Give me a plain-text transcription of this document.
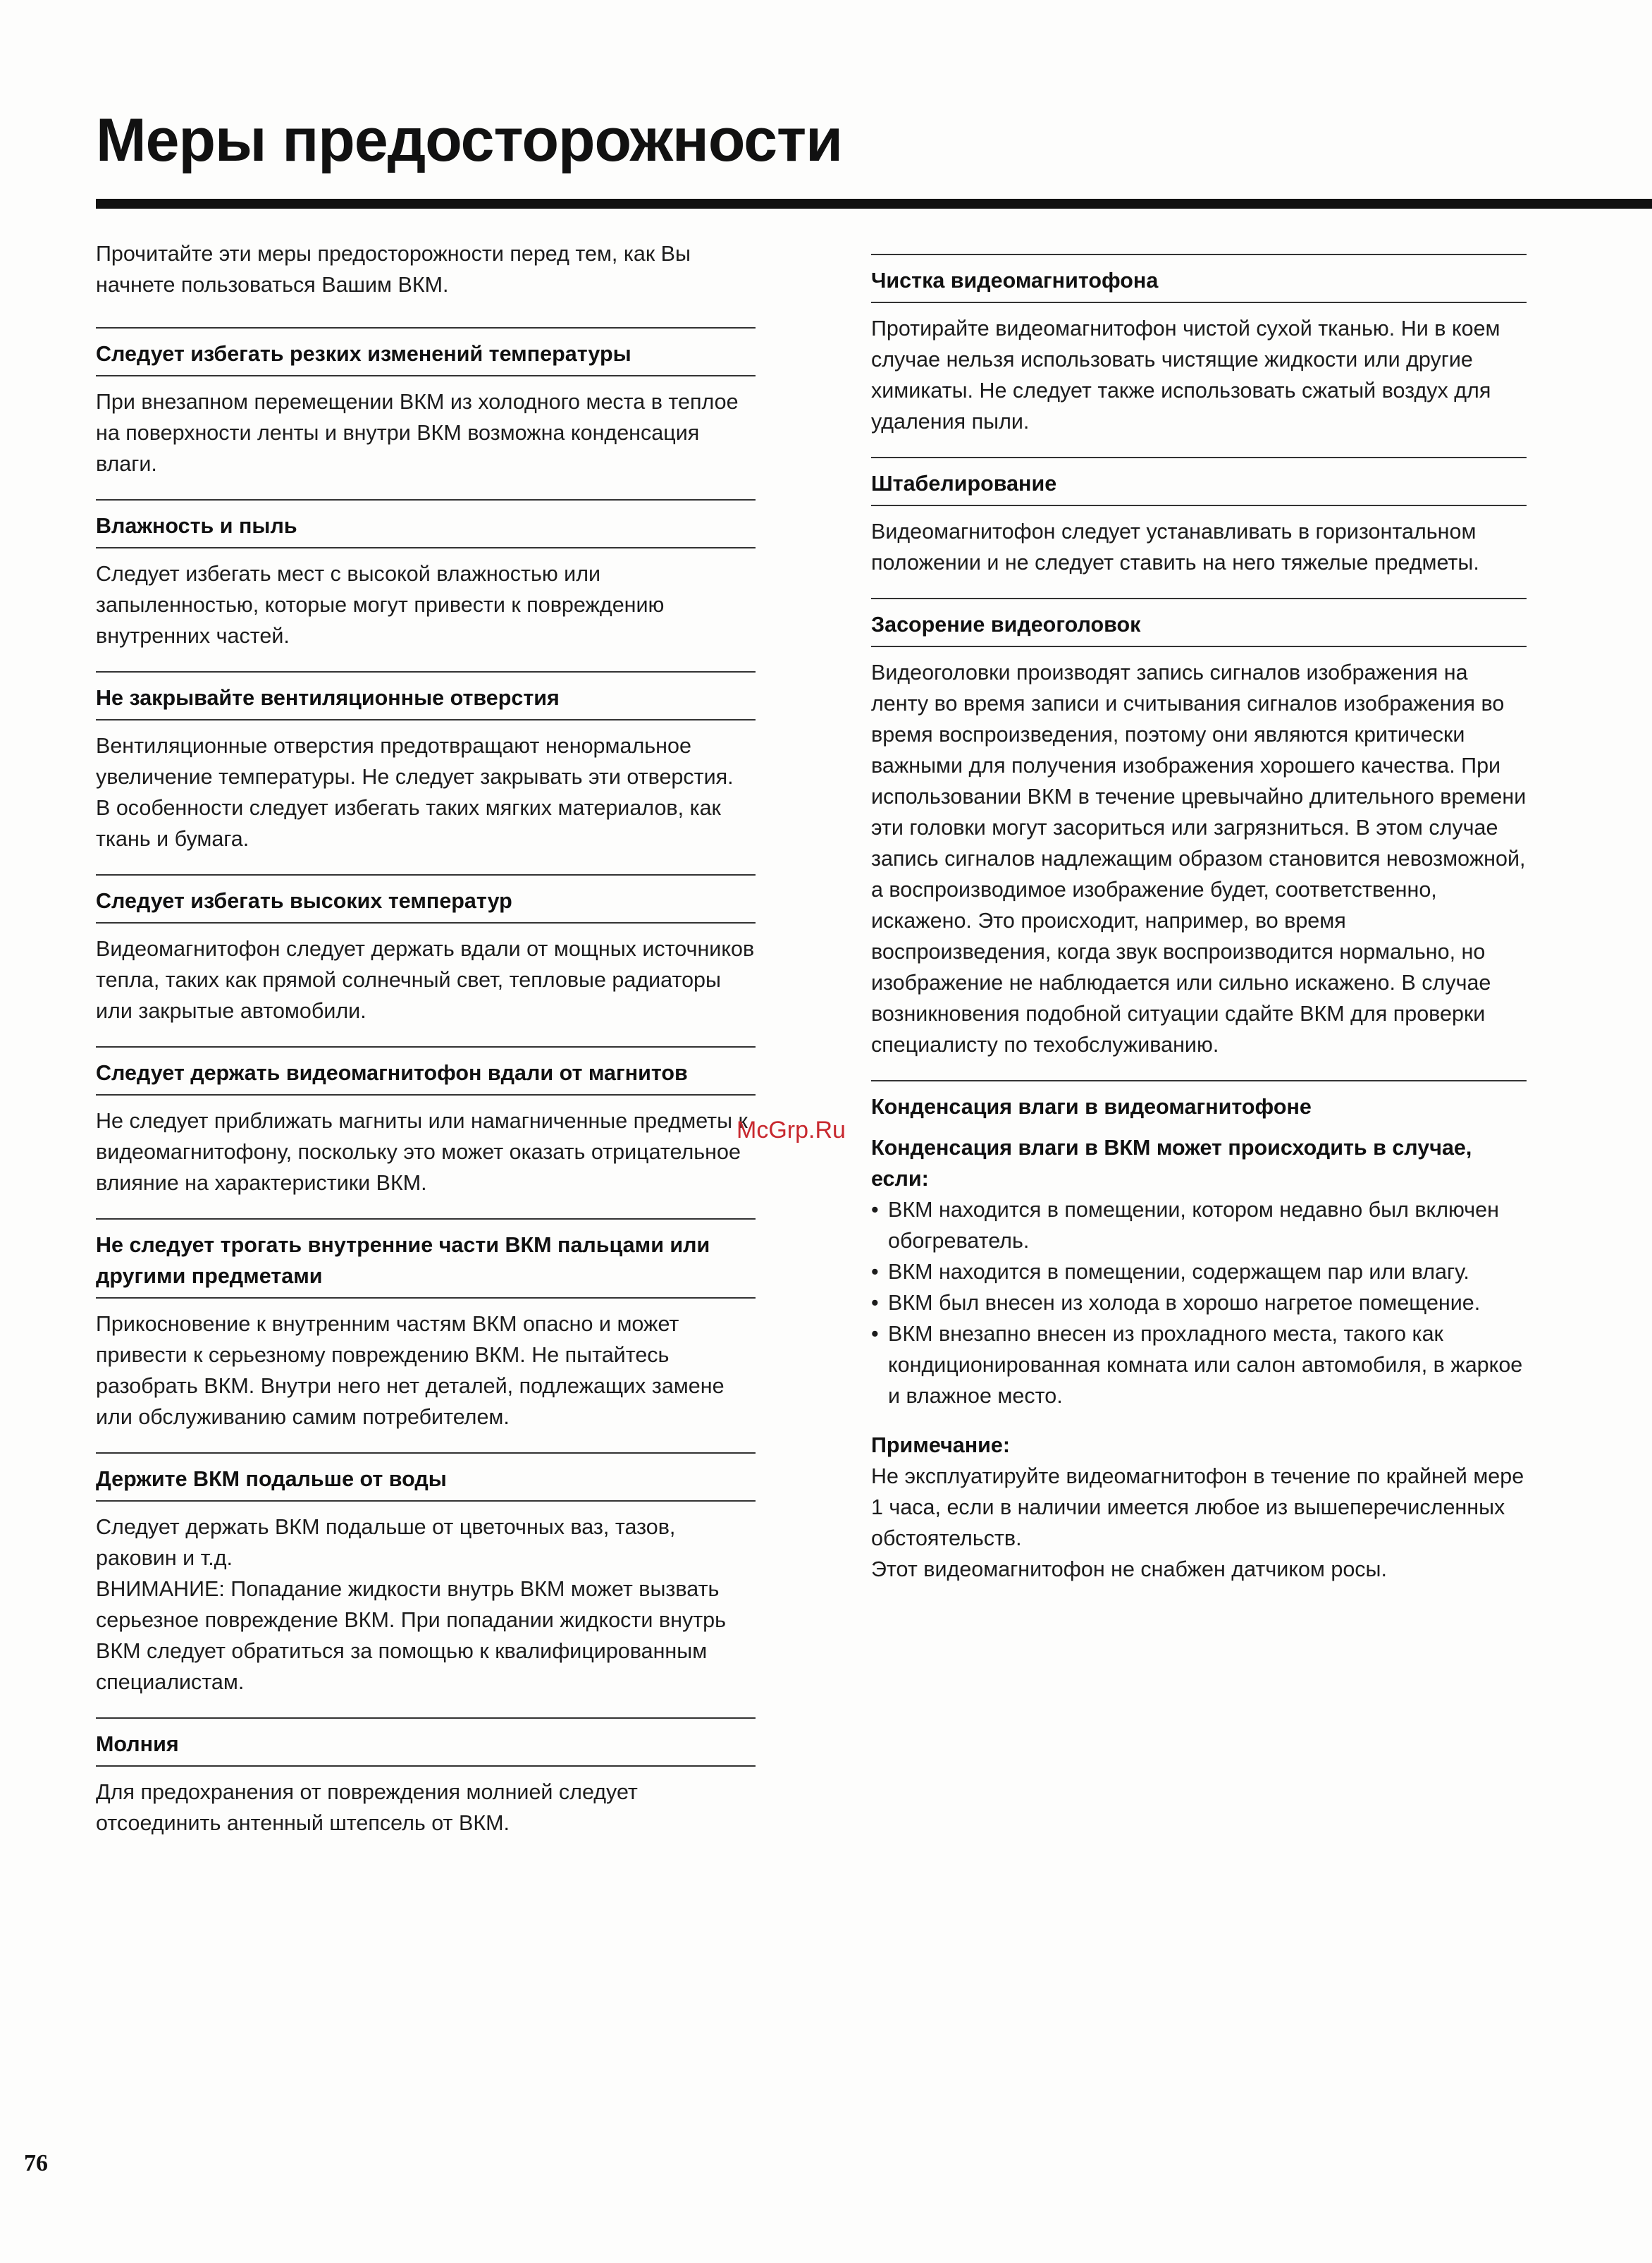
Меры предосторожности

Прочитайте эти меры предосторожности перед тем, как Вы начнете пользоваться Вашим ВКМ.

Следует избегать резких изменений температуры

При внезапном перемещении ВКМ из холодного места в теплое на поверхности ленты и внутри ВКМ возможна конденсация влаги.

Влажность и пыль

Следует избегать мест с высокой влажностью или запыленностью, которые могут привести к повреждению внутренних частей.

Не закрывайте вентиляционные отверстия

Вентиляционные отверстия предотвращают ненормальное увеличение температуры. Не следует закрывать эти отверстия.
В особенности следует избегать таких мягких материалов, как ткань и бумага.

Следует избегать высоких температур

Видеомагнитофон следует держать вдали от мощных источников тепла, таких как прямой солнечный свет, тепловые радиаторы или закрытые автомобили.

Следует держать видеомагнитофон вдали от магнитов

Не следует приближать магниты или намагниченные предметы к видеомагнитофону, поскольку это может оказать отрицательное влияние на характеристики ВКМ.

Не следует трогать внутренние части ВКМ пальцами или другими предметами

Прикосновение к внутренним частям ВКМ опасно и может привести к серьезному повреждению ВКМ. Не пытайтесь разобрать ВКМ. Внутри него нет деталей, подлежащих замене или обслуживанию самим потребителем.

Держите ВКМ подальше от воды

Следует держать ВКМ подальше от цветочных ваз, тазов, раковин и т.д.
ВНИМАНИЕ: Попадание жидкости внутрь ВКМ может вызвать серьезное повреждение ВКМ. При попадании жидкости внутрь ВКМ следует обратиться за помощью к квалифицированным специалистам.

Молния

Для предохранения от повреждения молнией следует отсоединить антенный штепсель от ВКМ.

Чистка видеомагнитофона

Протирайте видеомагнитофон чистой сухой тканью. Ни в коем случае нельзя использовать чистящие жидкости или другие химикаты. Не следует также использовать сжатый воздух для удаления пыли.

Штабелирование

Видеомагнитофон следует устанавливать в горизонтальном положении и не следует ставить на него тяжелые предметы.

Засорение видеоголовок

Видеоголовки производят запись сигналов изображения на ленту во время записи и считывания сигналов изображения во время воспроизведения, поэтому они являются критически важными для получения изображения хорошего качества. При использовании ВКМ в течение цревычайно длительного времени эти головки могут засориться или загрязниться. В этом случае запись сигналов надлежащим образом становится невозможной, а воспроизводимое изображение будет, соответственно, искажено. Это происходит, например, во время воспроизведения, когда звук воспроизводится нормально, но изображение не наблюдается или сильно искажено. В случае возникновения подобной ситуации сдайте ВКМ для проверки специалисту по техобслуживанию.

Конденсация влаги в видеомагнитофоне

Конденсация влаги в ВКМ может происходить в случае, если:

• ВКМ находится в помещении, котором недавно был включен обогреватель.
• ВКМ находится в помещении, содержащем пар или влагу.
• ВКМ был внесен из холода в хорошо нагретое помещение.
• ВКМ внезапно внесен из прохладного места, такого как кондиционированная комната или салон автомобиля, в жаркое и влажное место.

Примечание:

Не эксплуатируйте видеомагнитофон в течение по крайней мере 1 часа, если в наличии имеется любое из вышеперечисленных обстоятельств.
Этот видеомагнитофон не снабжен датчиком росы.

McGrp.Ru
76
